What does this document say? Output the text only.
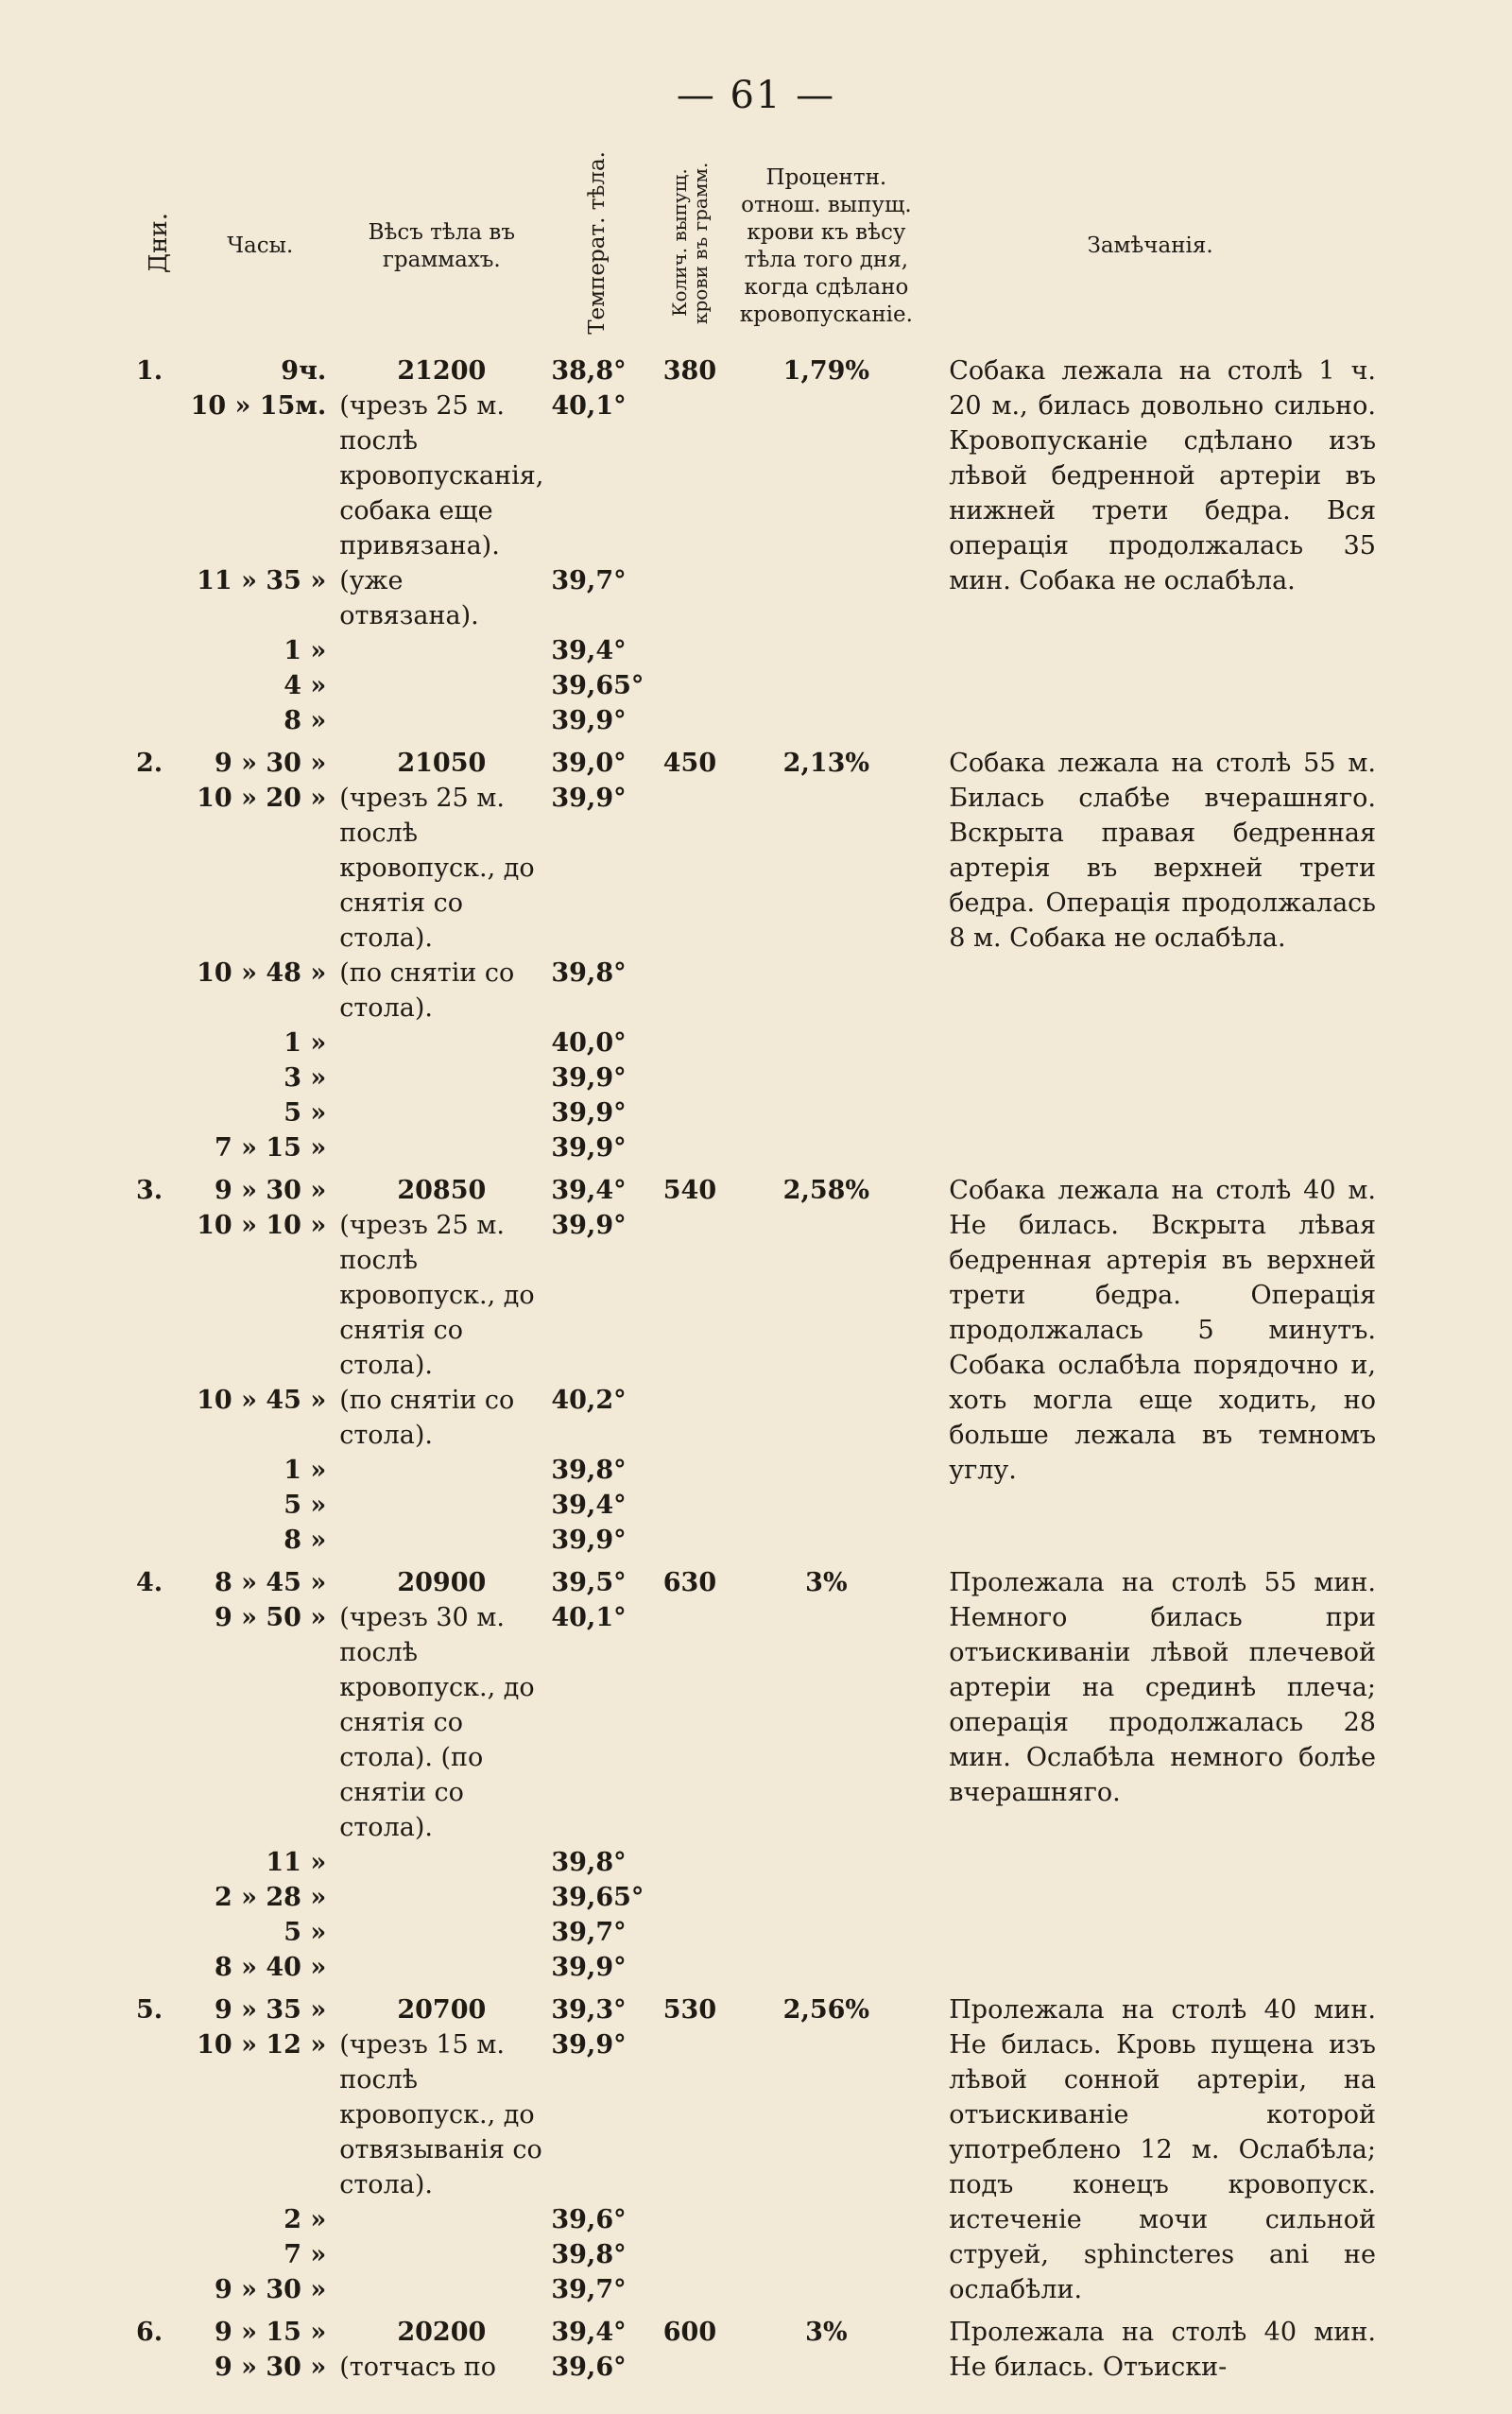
— 61 —
Дни.	Часы.	Вѣсъ тѣла въ граммахъ.	Температ. тѣла.	Колич. выпущ. крови въ грамм.	Процентн. отнош. выпущ. крови къ вѣсу тѣла того дня, когда сдѣлано кровопусканіе.	Замѣчанія.
1.	9ч.	21200	38,8°	380	1,79%	Собака лежала на столѣ 1 ч. 20 м., билась довольно сильно. Кровопусканіе сдѣлано изъ лѣвой бедренной артеріи въ нижней трети бедра. Вся операція продолжалась 35 мин. Собака не ослабѣла.
	10 » 15м.	(чрезъ 25 м. послѣ кровопусканія, собака еще привязана).	40,1°			
	11 » 35 »	(уже отвязана).	39,7°			
	1 »		39,4°			
	4 »		39,65°			
	8 »		39,9°			

2.	9 » 30 »	21050	39,0°	450	2,13%	Собака лежала на столѣ 55 м. Билась слабѣе вчерашняго. Вскрыта правая бедренная артерія въ верхней трети бедра. Операція продолжалась 8 м. Собака не ослабѣла.
	10 » 20 »	(чрезъ 25 м. послѣ кровопуск., до снятія со стола).	39,9°			
	10 » 48 »	(по снятіи со стола).	39,8°			
	1 »		40,0°			
	3 »		39,9°			
	5 »		39,9°			
	7 » 15 »		39,9°			

3.	9 » 30 »	20850	39,4°	540	2,58%	Собака лежала на столѣ 40 м. Не билась. Вскрыта лѣвая бедренная артерія въ верхней трети бедра. Операція продолжалась 5 минутъ. Собака ослабѣла порядочно и, хоть могла еще ходить, но больше лежала въ темномъ углу.
	10 » 10 »	(чрезъ 25 м. послѣ кровопуск., до снятія со стола).	39,9°			
	10 » 45 »	(по снятіи со стола).	40,2°			
	1 »		39,8°			
	5 »		39,4°			
	8 »		39,9°			

4.	8 » 45 »	20900	39,5°	630	3%	Пролежала на столѣ 55 мин. Немного билась при отъискиваніи лѣвой плечевой артеріи на срединѣ плеча; операція продолжалась 28 мин. Ослабѣла немного болѣе вчерашняго.
	9 » 50 »	(чрезъ 30 м. послѣ кровопуск., до снятія со стола). (по снятіи со стола).	40,1°			
	11 »		39,8°			
	2 » 28 »		39,65°			
	5 »		39,7°			
	8 » 40 »		39,9°			

5.	9 » 35 »	20700	39,3°	530	2,56%	Пролежала на столѣ 40 мин. Не билась. Кровь пущена изъ лѣвой сонной артеріи, на отъискиваніе которой употреблено 12 м. Ослабѣла; подъ конецъ кровопуск. истеченіе мочи сильной струей, sphincteres ani не ослабѣли.
	10 » 12 »	(чрезъ 15 м. послѣ кровопуск., до отвязыванія со стола).	39,9°			
	2 »		39,6°			
	7 »		39,8°			
	9 » 30 »		39,7°			

6.	9 » 15 »	20200	39,4°	600	3%	Пролежала на столѣ 40 мин. Не билась. Отъиски-
	9 » 30 »	(тотчасъ по	39,6°			
